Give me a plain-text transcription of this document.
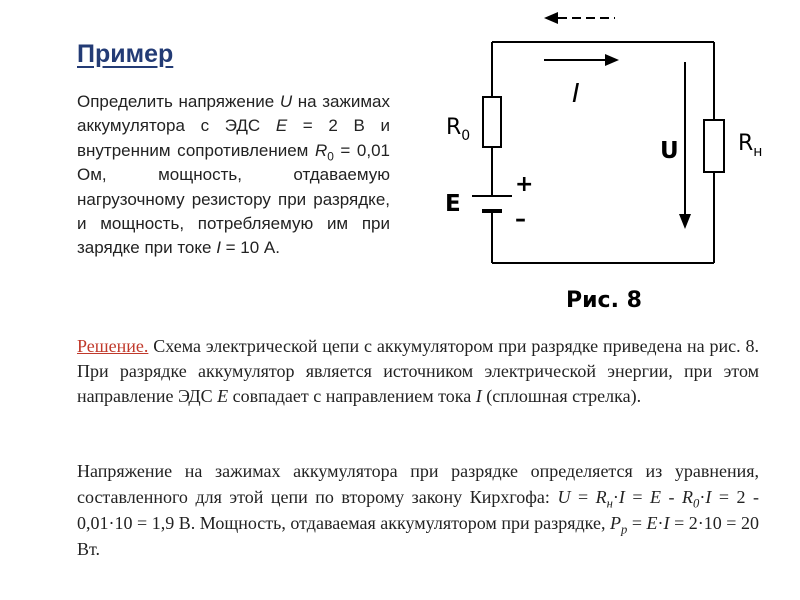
Пример

Определить напряжение U на зажимах аккумулятора с ЭДС E = 2 В и внутренним сопротивлением $R_0 = 0,01$ Ом, мощность, отдаваемую нагрузочному резистору при разрядке, и мощность, потребляемую им при зарядке при токе I = 10 А.

$R_0$	$R_н$
I
U
E
+
–
Рис. 8

Решение. Схема электрической цепи с аккумулятором при разрядке приведена на рис. 8. При разрядке аккумулятор является источником электрической энергии, при этом направление ЭДС E совпадает с направлением тока I (сплошная стрелка).

Напряжение на зажимах аккумулятора при разрядке определяется из уравнения, составленного для этой цепи по второму закону Кирхгофа: $U = R_н\cdot I = E - R_0\cdot I = 2 - 0,01\cdot 10 = 1,9$ В. Мощность, отдаваемая аккумулятором при разрядке, $P_р = E\cdot I = 2\cdot 10 = 20$ Вт.
